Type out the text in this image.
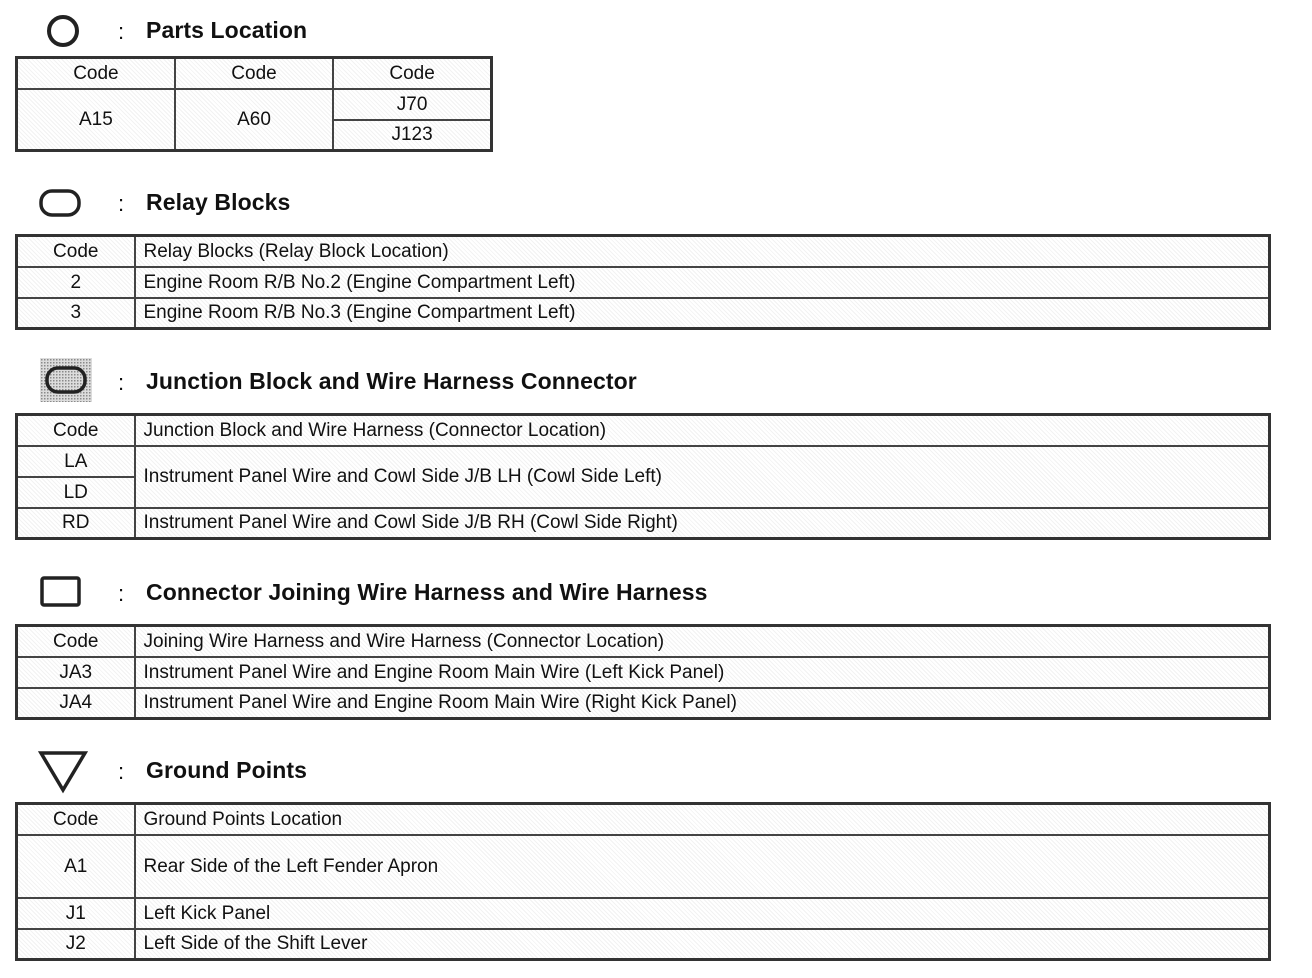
: Parts Location
Code	Code	Code
A15	A60	J70
		J123
: Relay Blocks
Code	Relay Blocks (Relay Block Location)
2	Engine Room R/B No.2 (Engine Compartment Left)
3	Engine Room R/B No.3 (Engine Compartment Left)
: Junction Block and Wire Harness Connector
Code	Junction Block and Wire Harness (Connector Location)
LA	Instrument Panel Wire and Cowl Side J/B LH (Cowl Side Left)
LD	
RD	Instrument Panel Wire and Cowl Side J/B RH (Cowl Side Right)
: Connector Joining Wire Harness and Wire Harness
Code	Joining Wire Harness and Wire Harness (Connector Location)
JA3	Instrument Panel Wire and Engine Room Main Wire (Left Kick Panel)
JA4	Instrument Panel Wire and Engine Room Main Wire (Right Kick Panel)
: Ground Points
Code	Ground Points Location
A1	Rear Side of the Left Fender Apron
J1	Left Kick Panel
J2	Left Side of the Shift Lever
